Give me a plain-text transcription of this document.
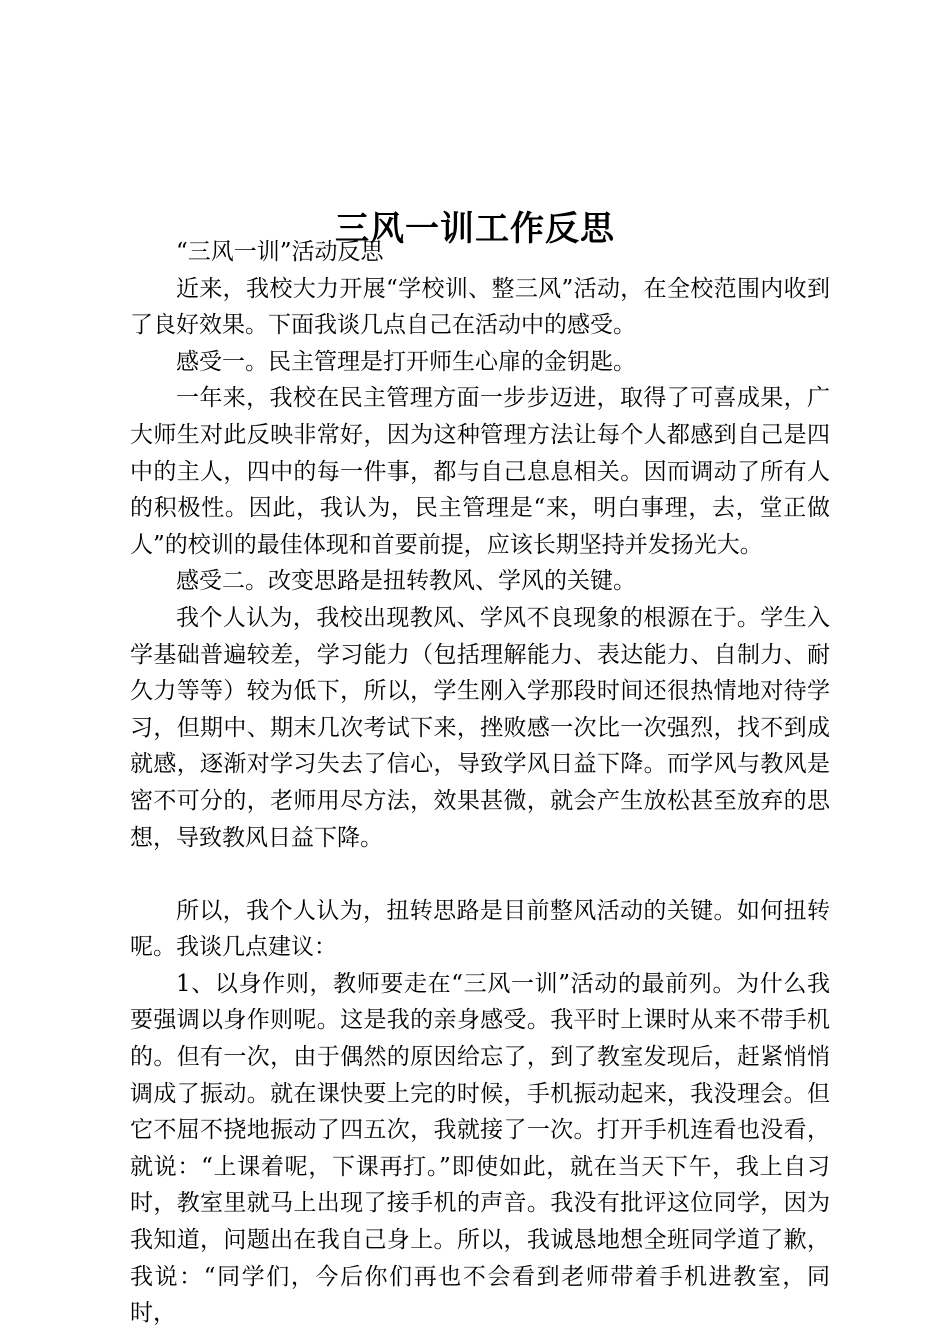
三风一训工作反思

“三风一训”活动反思

近来，我校大力开展“学校训、整三风”活动，在全校范围内收到了良好效果。下面我谈几点自己在活动中的感受。

感受一。民主管理是打开师生心扉的金钥匙。

一年来，我校在民主管理方面一步步迈进，取得了可喜成果，广大师生对此反映非常好，因为这种管理方法让每个人都感到自己是四中的主人，四中的每一件事，都与自己息息相关。因而调动了所有人的积极性。因此，我认为，民主管理是“来，明白事理，去，堂正做人”的校训的最佳体现和首要前提，应该长期坚持并发扬光大。

感受二。改变思路是扭转教风、学风的关键。

我个人认为，我校出现教风、学风不良现象的根源在于。学生入学基础普遍较差，学习能力（包括理解能力、表达能力、自制力、耐久力等等）较为低下，所以，学生刚入学那段时间还很热情地对待学习，但期中、期末几次考试下来，挫败感一次比一次强烈，找不到成就感，逐渐对学习失去了信心，导致学风日益下降。而学风与教风是密不可分的，老师用尽方法，效果甚微，就会产生放松甚至放弃的思想，导致教风日益下降。

所以，我个人认为，扭转思路是目前整风活动的关键。如何扭转呢。我谈几点建议：

1、以身作则，教师要走在“三风一训”活动的最前列。为什么我要强调以身作则呢。这是我的亲身感受。我平时上课时从来不带手机的。但有一次，由于偶然的原因给忘了，到了教室发现后，赶紧悄悄调成了振动。就在课快要上完的时候，手机振动起来，我没理会。但它不屈不挠地振动了四五次，我就接了一次。打开手机连看也没看，就说：“上课着呢，下课再打。”即使如此，就在当天下午，我上自习时，教室里就马上出现了接手机的声音。我没有批评这位同学，因为我知道，问题出在我自己身上。所以，我诚恳地想全班同学道了歉，我说：“同学们，今后你们再也不会看到老师带着手机进教室，同时，
